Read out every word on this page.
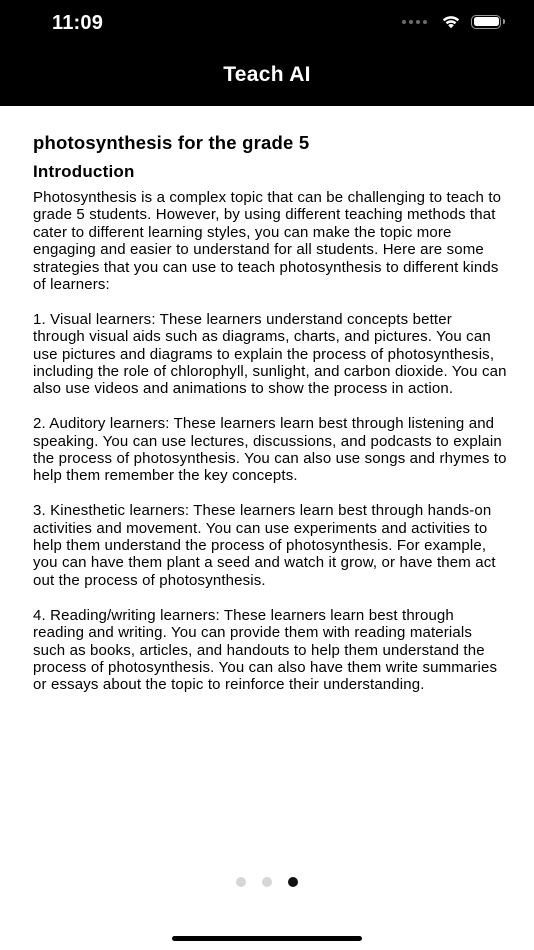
11:09
Teach AI
photosynthesis for the grade 5
Introduction

Photosynthesis is a complex topic that can be challenging to teach to grade 5 students. However, by using different teaching methods that cater to different learning styles, you can make the topic more engaging and easier to understand for all students. Here are some strategies that you can use to teach photosynthesis to different kinds of learners:

1. Visual learners: These learners understand concepts better through visual aids such as diagrams, charts, and pictures. You can use pictures and diagrams to explain the process of photosynthesis, including the role of chlorophyll, sunlight, and carbon dioxide. You can also use videos and animations to show the process in action.

2. Auditory learners: These learners learn best through listening and speaking. You can use lectures, discussions, and podcasts to explain the process of photosynthesis. You can also use songs and rhymes to help them remember the key concepts.

3. Kinesthetic learners: These learners learn best through hands-on activities and movement. You can use experiments and activities to help them understand the process of photosynthesis. For example, you can have them plant a seed and watch it grow, or have them act out the process of photosynthesis.

4. Reading/writing learners: These learners learn best through reading and writing. You can provide them with reading materials such as books, articles, and handouts to help them understand the process of photosynthesis. You can also have them write summaries or essays about the topic to reinforce their understanding.
